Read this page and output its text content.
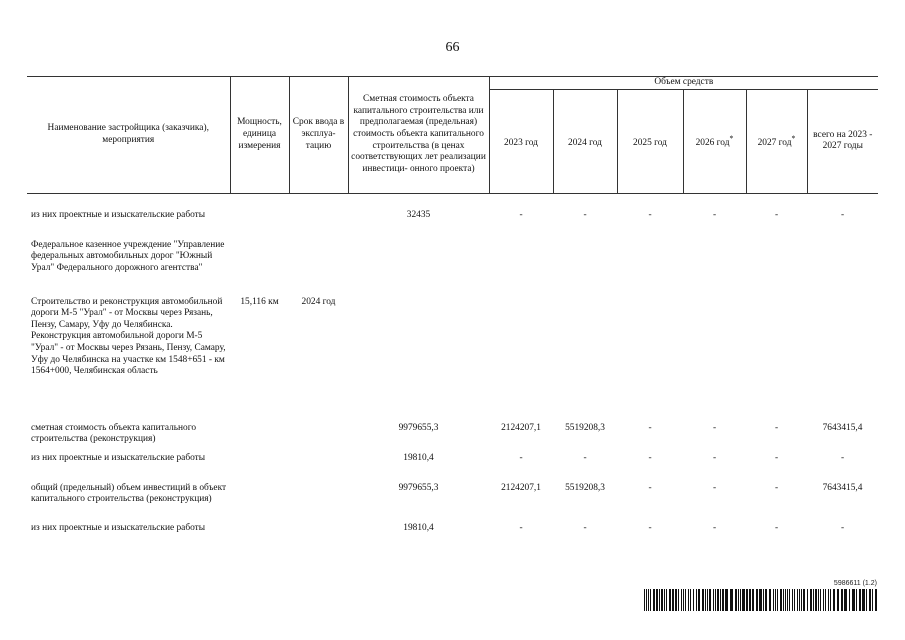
66
Наименование застройщика (заказчика), мероприятия	Мощность, единица измерения	Срок ввода в эксплуа- тацию	Сметная стоимость объекта капитального строительства или предполагаемая (предельная) стоимость объекта капитального строительства (в ценах соответствующих лет реализации инвестици- онного проекта)	Объем средств					
				2023 год	2024 год	2025 год	2026 год*	2027 год*	всего на 2023 - 2027 годы

из них проектные и изыскательские работы			32435	-	-	-	-	-	-
Федеральное казенное учреждение "Управление федеральных автомобильных дорог "Южный Урал" Федерального дорожного агентства"									
Строительство и реконструкция автомобильной дороги М-5 "Урал" - от Москвы через Рязань, Пензу, Самару, Уфу до Челябинска. Реконструкция автомобильной дороги М-5 "Урал" - от Москвы через Рязань, Пензу, Самару, Уфу до Челябинска на участке км 1548+651 - км 1564+000, Челябинская область	15,116 км	2024 год							
сметная стоимость объекта капитального строительства (реконструкция)			9979655,3	2124207,1	5519208,3	-	-	-	7643415,4
из них проектные и изыскательские работы			19810,4	-	-	-	-	-	-
общий (предельный) объем инвестиций в объект капитального строительства (реконструкция)			9979655,3	2124207,1	5519208,3	-	-	-	7643415,4
из них проектные и изыскательские работы			19810,4	-	-	-	-	-	-
5986611 (1.2)
